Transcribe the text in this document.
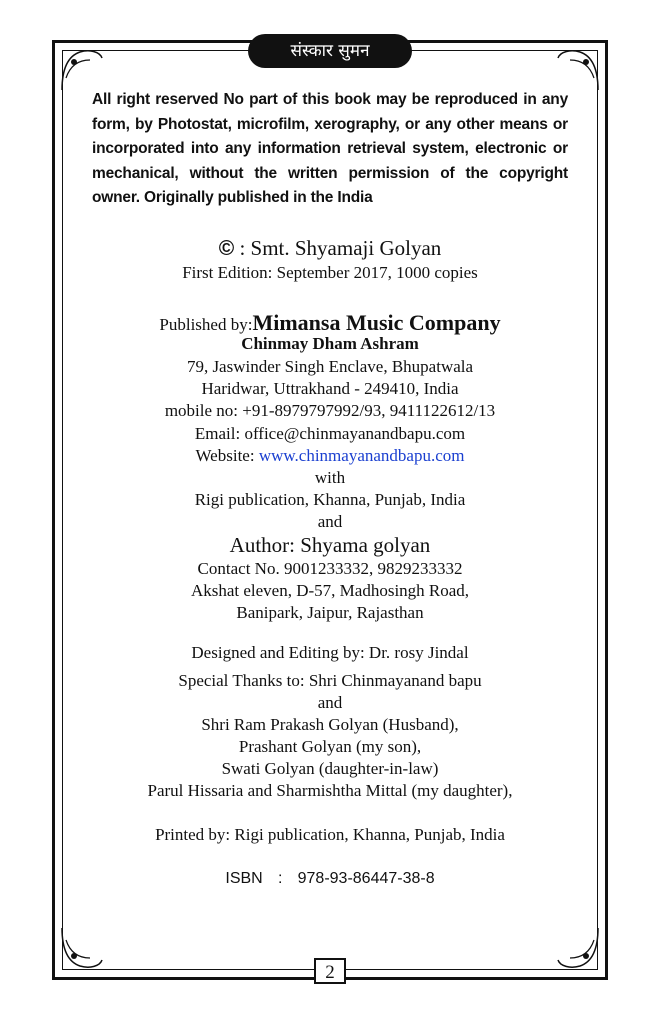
संस्कार सुमन
All right reserved No part of this book may be reproduced in any form, by Photostat, microfilm, xerography, or any other means or incorporated into any information retrieval system, electronic or mechanical, without the written permission of the copyright owner. Originally published in the India
© : Smt. Shyamaji Golyan
First Edition: September 2017, 1000 copies
Published by:Mimansa Music Company
Chinmay Dham Ashram
79, Jaswinder Singh Enclave, Bhupatwala
Haridwar, Uttrakhand - 249410, India
mobile no: +91-8979797992/93, 9411122612/13
Email: office@chinmayanandbapu.com
Website: www.chinmayanandbapu.com
with
Rigi publication, Khanna, Punjab, India
and
Author: Shyama golyan
Contact No. 9001233332, 9829233332
Akshat eleven, D-57, Madhosingh Road,
Banipark, Jaipur, Rajasthan
Designed and Editing by: Dr. rosy Jindal
Special Thanks to: Shri Chinmayanand bapu
and
Shri Ram Prakash Golyan (Husband),
Prashant Golyan (my son),
Swati Golyan (daughter-in-law)
Parul Hissaria and Sharmishtha Mittal (my daughter),
Printed by: Rigi publication, Khanna, Punjab, India
ISBN : 978-93-86447-38-8
2
